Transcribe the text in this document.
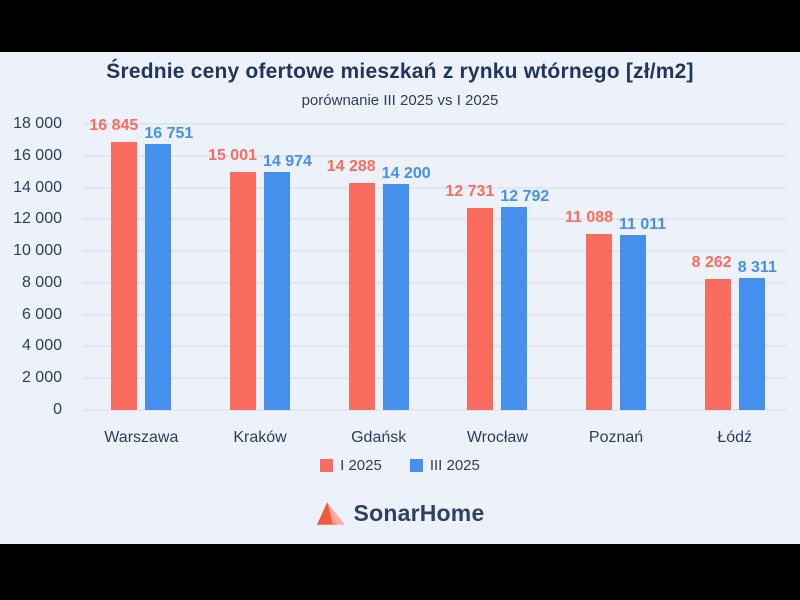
Średnie ceny ofertowe mieszkań z rynku wtórnego [zł/m2]
porównanie III 2025 vs I 2025
0
2 000
4 000
6 000
8 000
10 000
12 000
14 000
16 000
18 000 16 845 16 751
15 001 14 974 14 288 14 200
12 731 12 792
11 088 11 011
8 262 8 311
Warszawa	Kraków	Gdańsk	Wrocław	Poznań	Łódź
I 2025	III 2025
SonarHome
